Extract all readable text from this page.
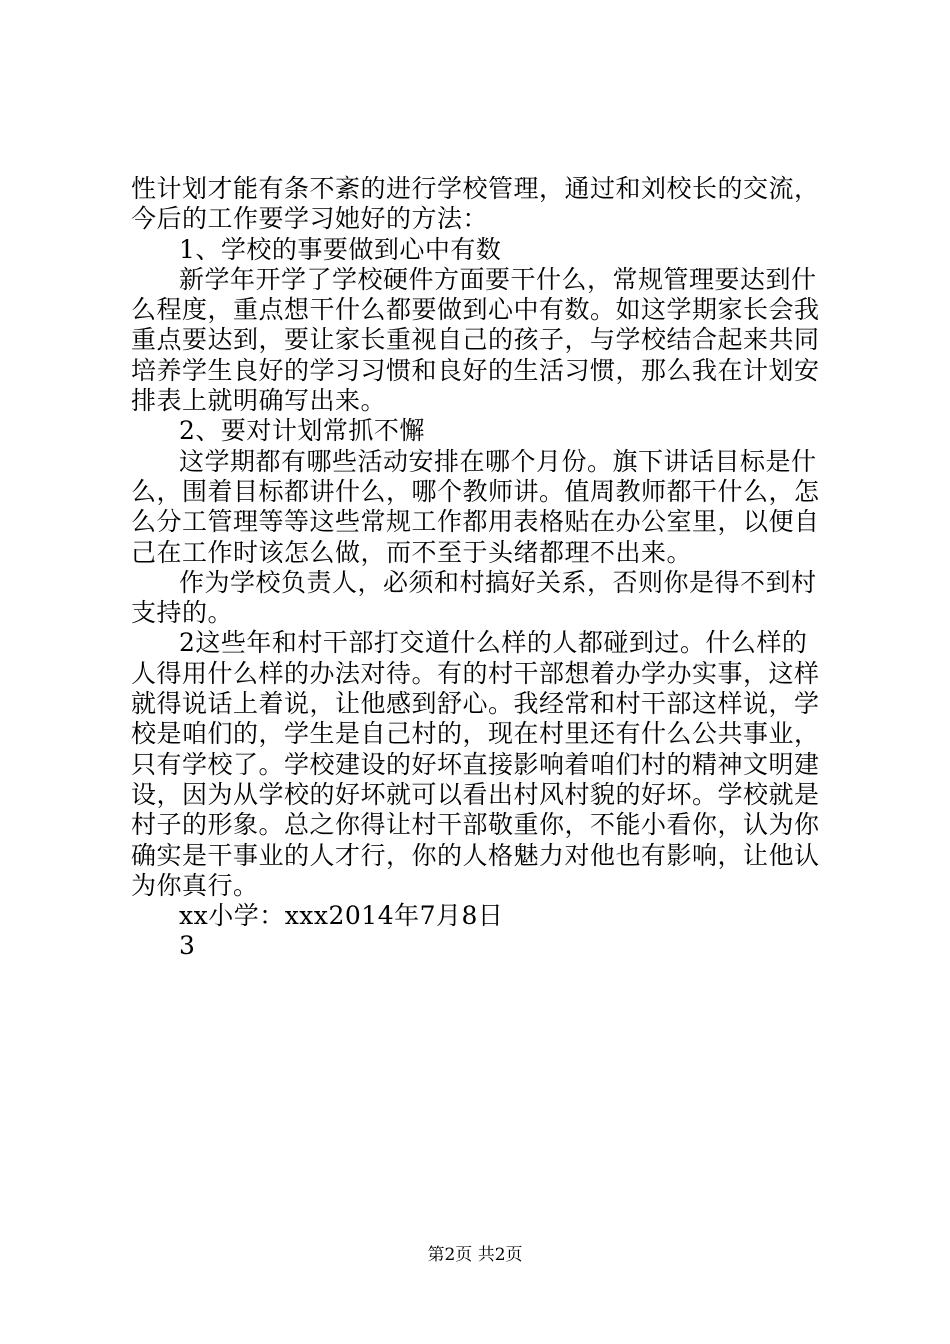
性计划才能有条不紊的进行学校管理，通过和刘校长的交流，
今后的工作要学习她好的方法：
1、学校的事要做到心中有数
新学年开学了学校硬件方面要干什么，常规管理要达到什
么程度，重点想干什么都要做到心中有数。如这学期家长会我
重点要达到，要让家长重视自己的孩子，与学校结合起来共同
培养学生良好的学习习惯和良好的生活习惯，那么我在计划安
排表上就明确写出来。
2、要对计划常抓不懈
这学期都有哪些活动安排在哪个月份。旗下讲话目标是什
么，围着目标都讲什么，哪个教师讲。值周教师都干什么，怎
么分工管理等等这些常规工作都用表格贴在办公室里，以便自
己在工作时该怎么做，而不至于头绪都理不出来。
作为学校负责人，必须和村搞好关系，否则你是得不到村
支持的。
2这些年和村干部打交道什么样的人都碰到过。什么样的
人得用什么样的办法对待。有的村干部想着办学办实事，这样
就得说话上着说，让他感到舒心。我经常和村干部这样说，学
校是咱们的，学生是自己村的，现在村里还有什么公共事业，
只有学校了。学校建设的好坏直接影响着咱们村的精神文明建
设，因为从学校的好坏就可以看出村风村貌的好坏。学校就是
村子的形象。总之你得让村干部敬重你，不能小看你，认为你
确实是干事业的人才行，你的人格魅力对他也有影响，让他认
为你真行。
xx小学：xxx2014年7月8日
3
第2页 共2页
